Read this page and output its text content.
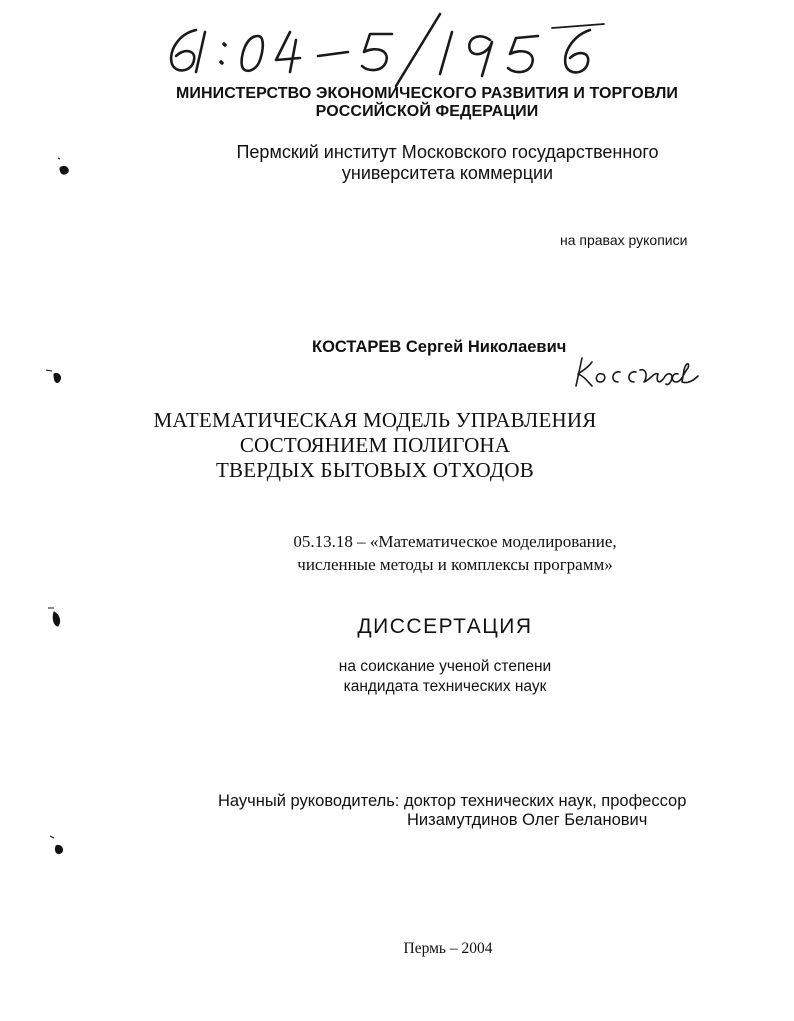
МИНИСТЕРСТВО ЭКОНОМИЧЕСКОГО РАЗВИТИЯ И ТОРГОВЛИ
РОССИЙСКОЙ ФЕДЕРАЦИИ
Пермский институт Московского государственного
университета коммерции
на правах рукописи
КОСТАРЕВ Сергей Николаевич
МАТЕМАТИЧЕСКАЯ МОДЕЛЬ УПРАВЛЕНИЯ
СОСТОЯНИЕМ ПОЛИГОНА
ТВЕРДЫХ БЫТОВЫХ ОТХОДОВ
05.13.18 – «Математическое моделирование,
численные методы и комплексы программ»
ДИССЕРТАЦИЯ
на соискание ученой степени
кандидата технических наук
Научный руководитель: доктор технических наук, профессор
Низамутдинов Олег Беланович
Пермь – 2004
